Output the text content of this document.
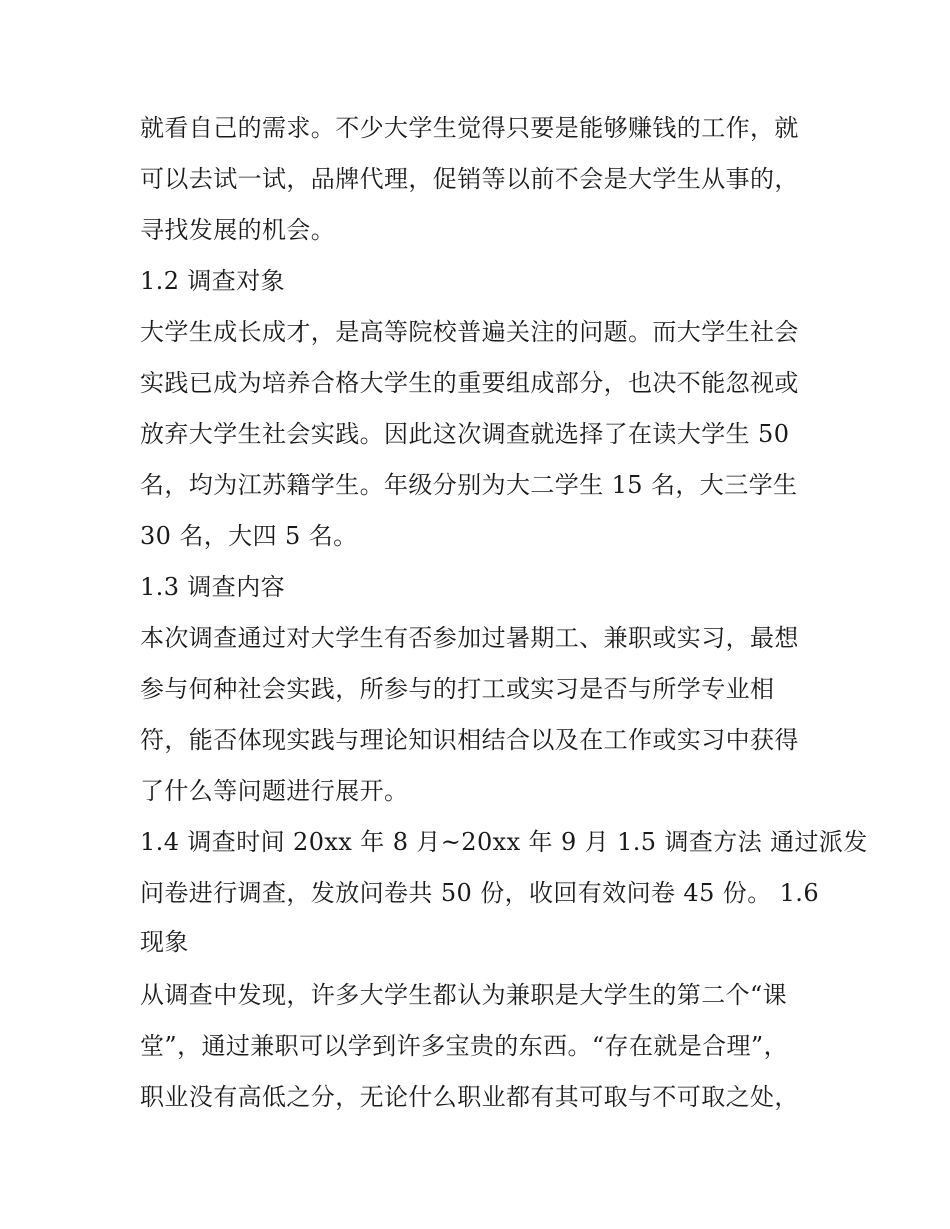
就看自己的需求。不少大学生觉得只要是能够赚钱的工作，就
可以去试一试，品牌代理，促销等以前不会是大学生从事的，
寻找发展的机会。
1.2 调查对象
大学生成长成才，是高等院校普遍关注的问题。而大学生社会
实践已成为培养合格大学生的重要组成部分，也决不能忽视或
放弃大学生社会实践。因此这次调查就选择了在读大学生 50
名，均为江苏籍学生。年级分别为大二学生 15 名，大三学生
30 名，大四 5 名。
1.3 调查内容
本次调查通过对大学生有否参加过暑期工、兼职或实习，最想
参与何种社会实践，所参与的打工或实习是否与所学专业相
符，能否体现实践与理论知识相结合以及在工作或实习中获得
了什么等问题进行展开。
1.4 调查时间 20xx 年 8 月~20xx 年 9 月 1.5 调查方法 通过派发
问卷进行调查，发放问卷共 50 份，收回有效问卷 45 份。 1.6
现象
从调查中发现，许多大学生都认为兼职是大学生的第二个“课
堂”，通过兼职可以学到许多宝贵的东西。“存在就是合理”，
职业没有高低之分，无论什么职业都有其可取与不可取之处，
